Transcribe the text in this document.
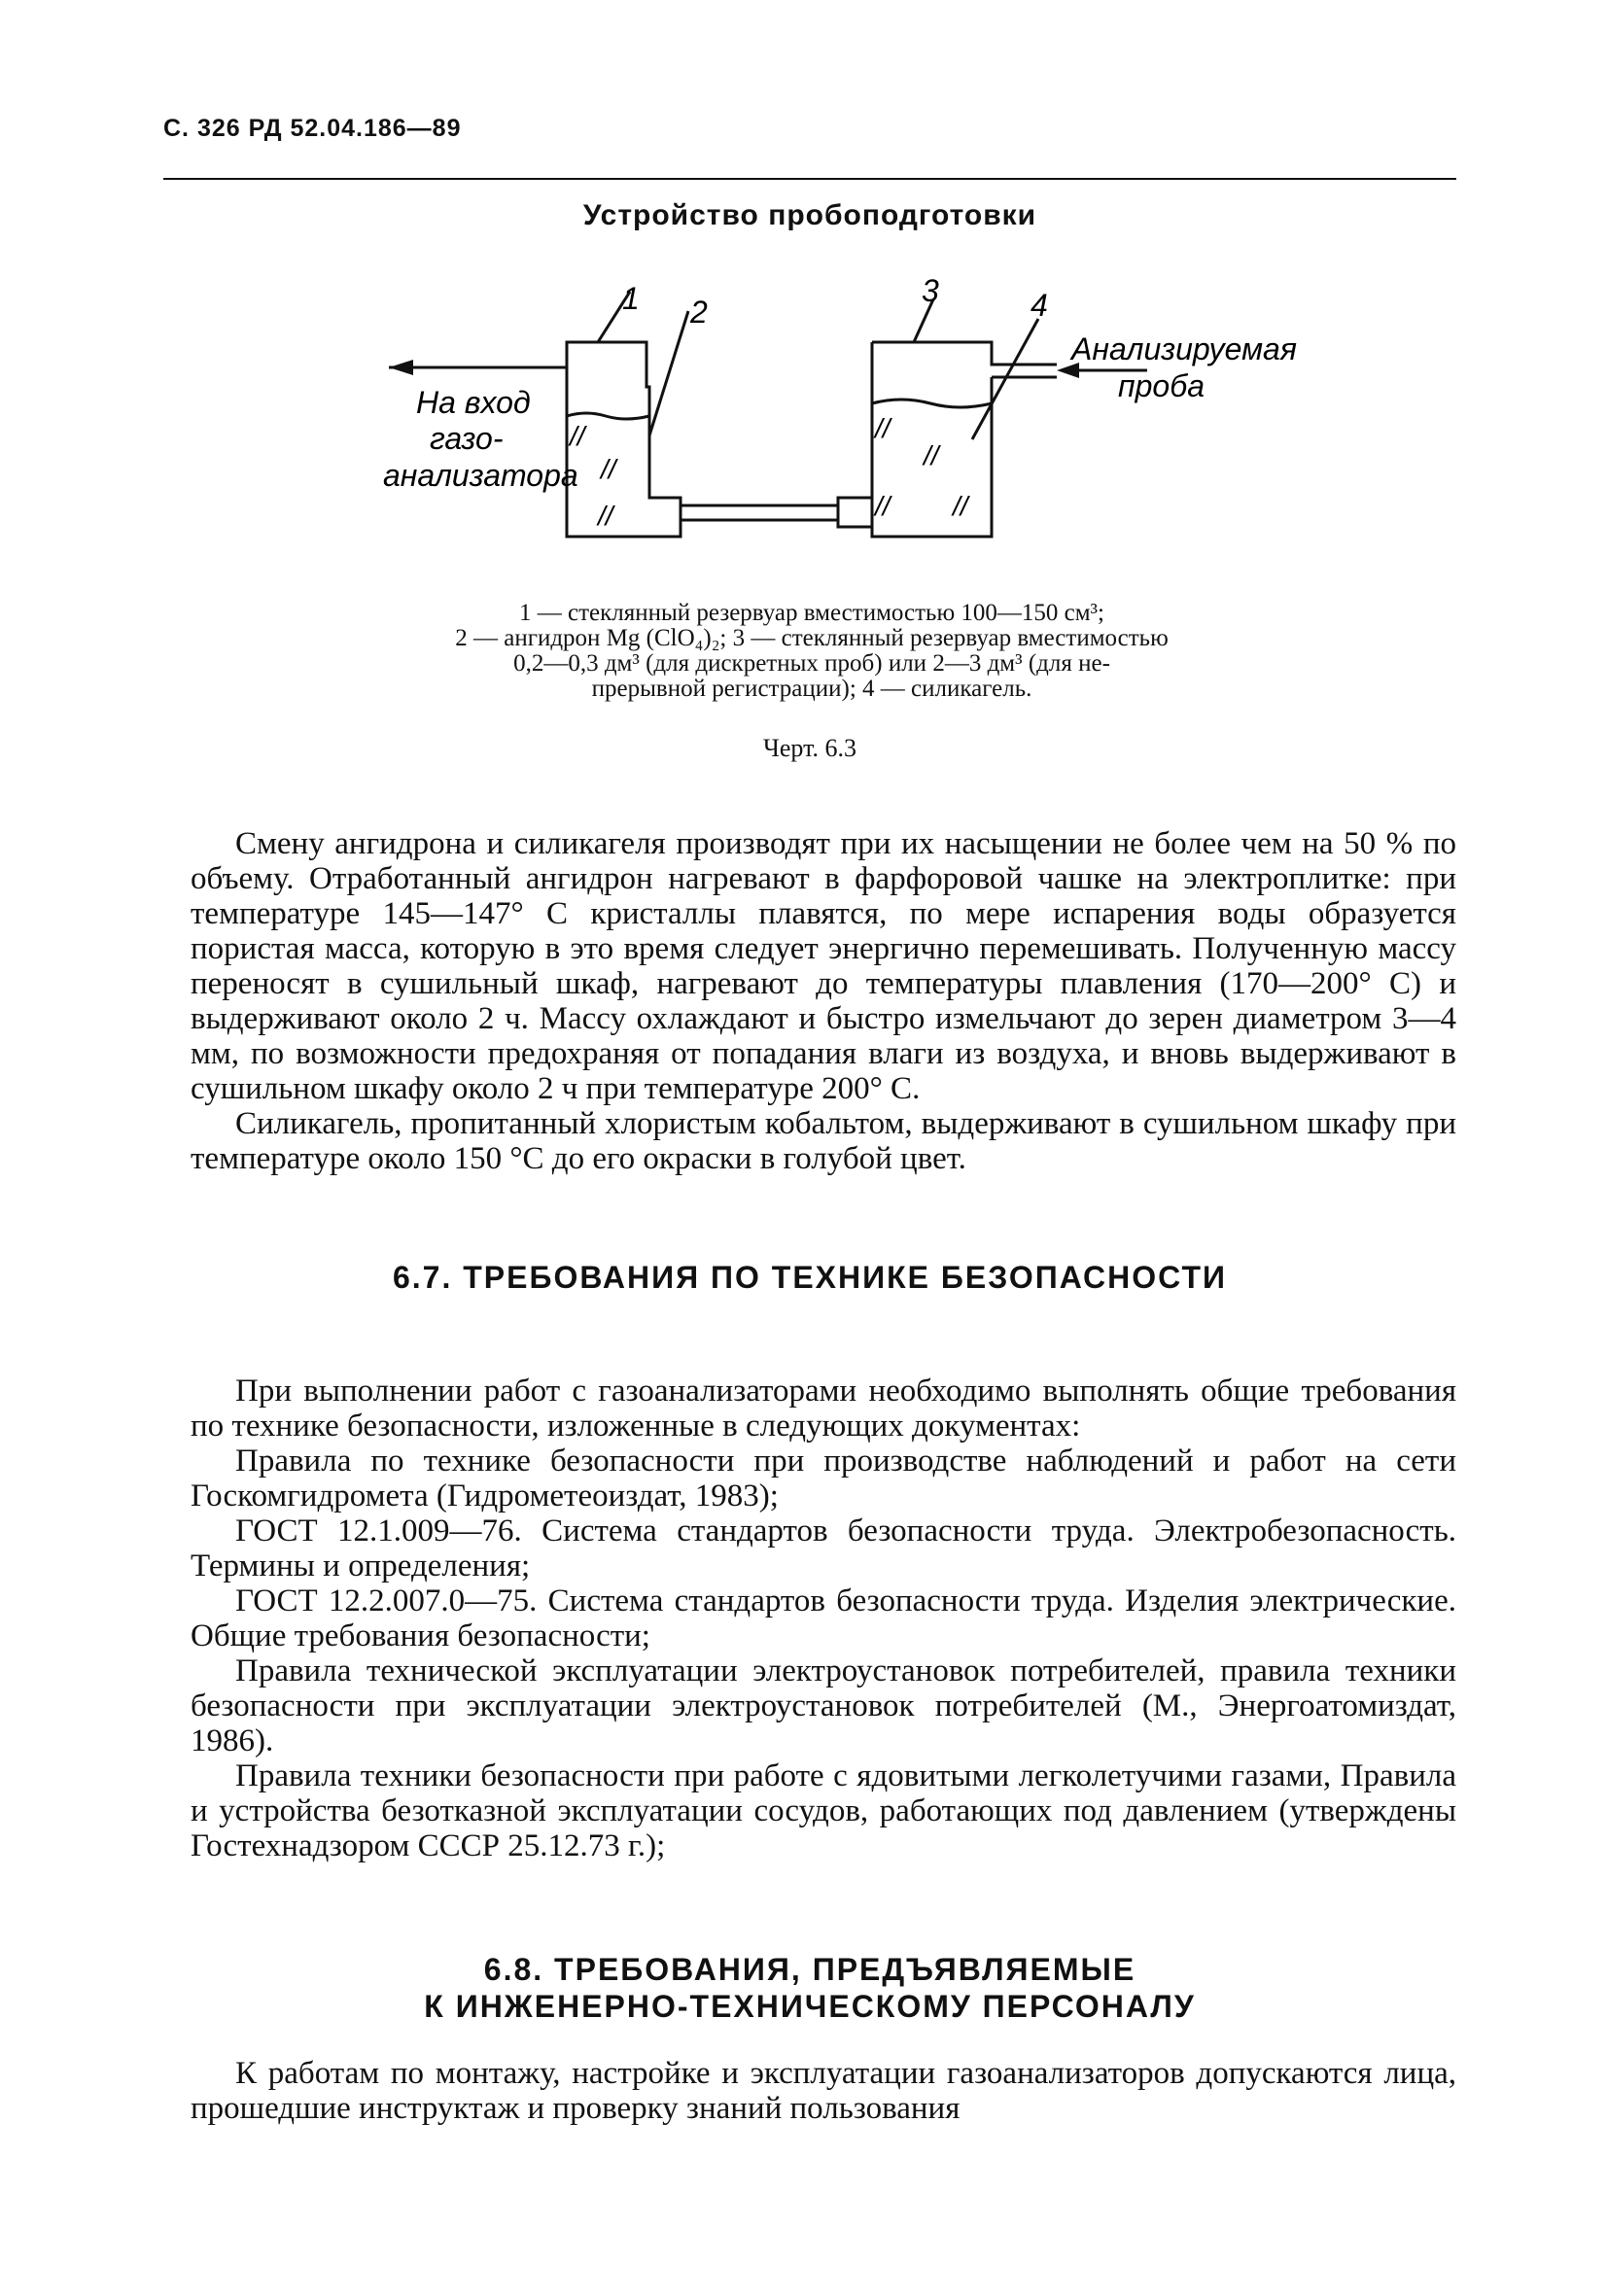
С. 326 РД 52.04.186—89
Устройство пробоподготовки
1 2
3	4
На вход
газо-
анализатора
Анализируемая
проба
//
//
//
//
//
// //
1 — стеклянный резервуар вместимостью 100—150 см³;
2 — ангидрон Mg (ClO₄)₂; 3 — стеклянный резервуар вместимостью
0,2—0,3 дм³ (для дискретных проб) или 2—3 дм³ (для не-
прерывной регистрации); 4 — силикагель.
Черт. 6.3

Смену ангидрона и силикагеля производят при их насыщении не более чем на 50 % по объему. Отработанный ангидрон нагревают в фарфоровой чашке на электроплитке: при температуре 145—147° С кристаллы плавятся, по мере испарения воды образуется пористая масса, которую в это время следует энергично перемешивать. Полученную массу переносят в сушильный шкаф, нагревают до температуры плавления (170—200° С) и выдерживают около 2 ч. Массу охлаждают и быстро измельчают до зерен диаметром 3—4 мм, по возможности предохраняя от попадания влаги из воздуха, и вновь выдерживают в сушильном шкафу около 2 ч при температуре 200° С.

Силикагель, пропитанный хлористым кобальтом, выдерживают в сушильном шкафу при температуре около 150 °С до его окраски в голубой цвет.

6.7. ТРЕБОВАНИЯ ПО ТЕХНИКЕ БЕЗОПАСНОСТИ

При выполнении работ с газоанализаторами необходимо выполнять общие требования по технике безопасности, изложенные в следующих документах:

Правила по технике безопасности при производстве наблюдений и работ на сети Госкомгидромета (Гидрометеоиздат, 1983);

ГОСТ 12.1.009—76. Система стандартов безопасности труда. Электробезопасность. Термины и определения;

ГОСТ 12.2.007.0—75. Система стандартов безопасности труда. Изделия электрические. Общие требования безопасности;

Правила технической эксплуатации электроустановок потребителей, правила техники безопасности при эксплуатации электроустановок потребителей (М., Энергоатомиздат, 1986).

Правила техники безопасности при работе с ядовитыми легколетучими газами, Правила и устройства безотказной эксплуатации сосудов, работающих под давлением (утверждены Гостехнадзором СССР 25.12.73 г.);

6.8. ТРЕБОВАНИЯ, ПРЕДЪЯВЛЯЕМЫЕ
К ИНЖЕНЕРНО-ТЕХНИЧЕСКОМУ ПЕРСОНАЛУ

К работам по монтажу, настройке и эксплуатации газоанализаторов допускаются лица, прошедшие инструктаж и проверку знаний пользования
